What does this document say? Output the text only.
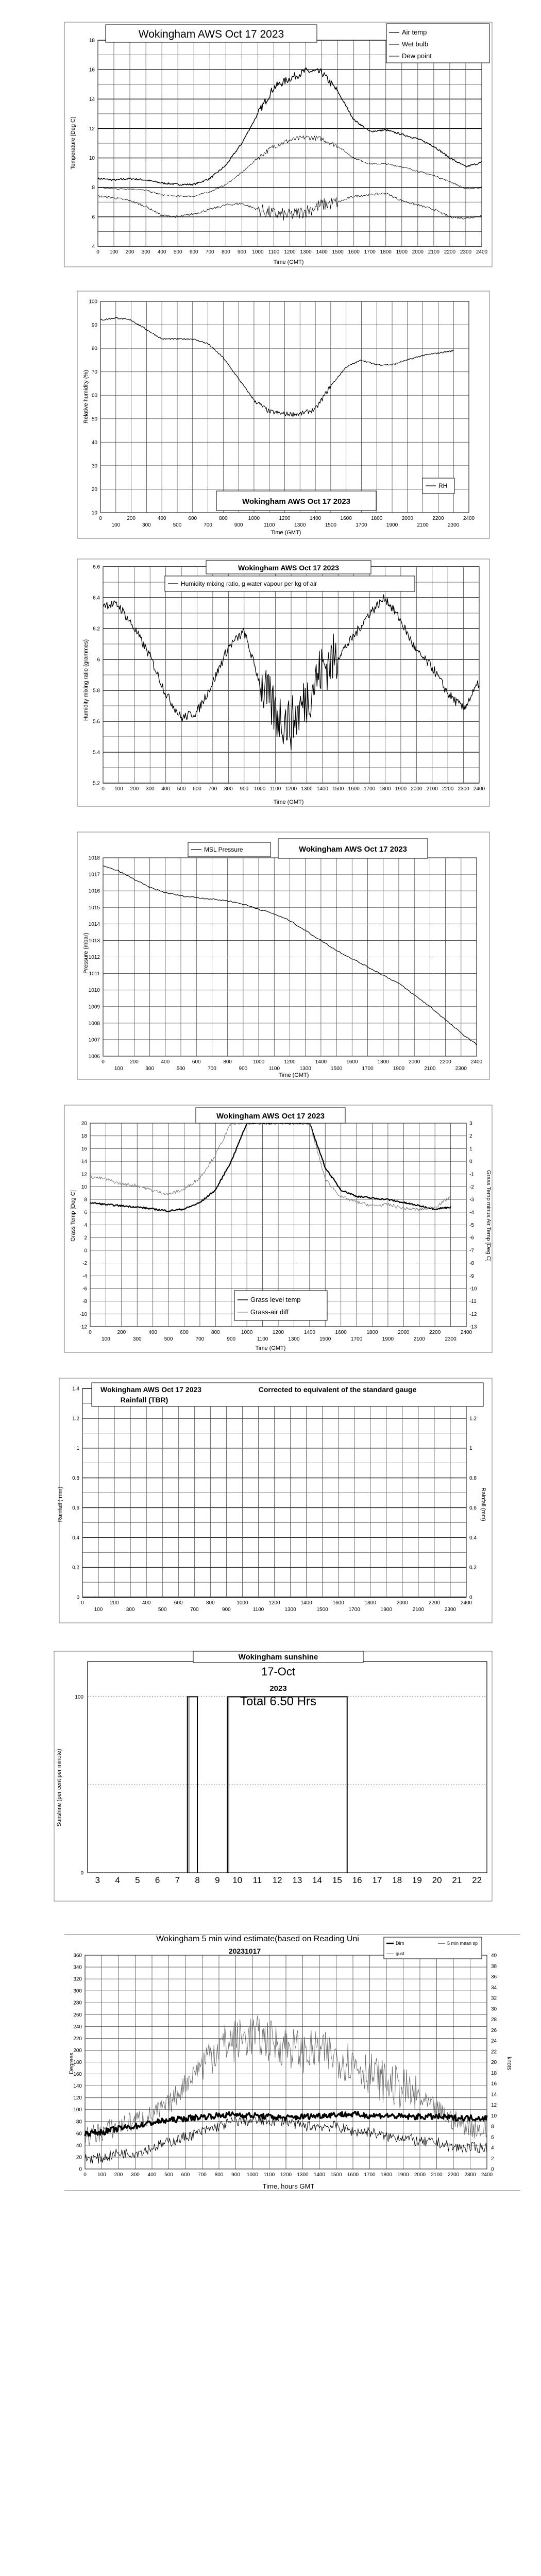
4
6
8
10
12
14
16
18
0 100 200 300 400 500 600 700 800 900 1000 1100 1200 1300 1400 1500 1600 1700 1800 1900 2000 2100 2200 2300 2400
Wokingham AWS Oct 17 2023	Air temp
Wet bulb
Dew point
Temperature [Deg C]
Time (GMT)
10
20
30
40
50
60
70
80
90
100
0	200	400	600	800	1000	1200	1400	1600	1800	2000	2200	2400
100	300	500	700	900	1100	1300	1500	1700	1900	2100	2300
Wokingham AWS Oct 17 2023
RH
Relative humidity (%)
Time (GMT)
5.2
5.4
5.6
5.8
6
6.2
6.4
6.6
0 100 200 300 400 500 600 700 800 900 1000 1100 1200 1300 1400 1500 1600 1700 1800 1900 2000 2100 2200 2300 2400
Wokingham AWS Oct 17 2023
Humidity mixing ratio, g water vapour per kg of air
Humidity mixing ratio (grammes)
Time (GMT)
1006
1007
1008
1009
1010
1011
1012
1013
1014
1015
1016
1017
1018
0	200	400	600	800	1000	1200	1400	1600	1800	2000	2200	2400
100	300	500	700	900	1100	1300	1500	1700	1900	2100	2300
Wokingham AWS Oct 17 2023
MSL Pressure
Pressure (mbar)
Time (GMT)
-12
-10
-8
-6
-4
-2
0
2
4
6
8
10
12
14
16
18
20
-13
-12
-11
-10
-9
-8
-7
-6
-5
-4
-3
-2
-1
0
1
2
3
0	200	400	600	800	1000	1200	1400	1600	1800	2000	2200	2400
100	300	500	700	900	1100	1300	1500	1700	1900	2100	2300
Wokingham AWS Oct 17 2023
Grass level temp
Grass-air diff
Grass Temp [Deg C]	Grass Temp minus Air Temp [Deg C]
Time (GMT)
0
0.2
0.4
0.6
0.8
1
1.2
1.4
0
0.2
0.4
0.6
0.8
1
1.2
0	200	400	600	800	1000	1200	1400	1600	1800	2000	2200	2400
100	300	500	700	900	1100	1300	1500	1700	1900	2100	2300
Wokingham AWS Oct 17 2023
Rainfall (TBR)
Corrected to equivalent of the standard gauge
Rainfall ( mm)	Rainfall (mm)
0
100
3 4 5 6 7 8 9 10 11 12 13 14 15 16 17 18 19 20 21 22
Wokingham sunshine
17-Oct
2023
Total 6.50 Hrs
Sunshine (per cent per minute)
0
20
40
60
80
100
120
140
160
180
200
220
240
260
280
300
320
340
360
0
2
4
6
8
10
12
14
16
18
20
22
24
26
28
30
32
34
36
38
40
0 100 200 300 400 500 600 700 800 900 1000 1100 1200 1300 1400 1500 1600 1700 1800 1900 2000 2100 2200 2300 2400
Wokingham 5 min wind estimate(based on Reading Uni
20231017
Dirn	5 min mean sp
gust
Degrees	knots
Time, hours GMT
